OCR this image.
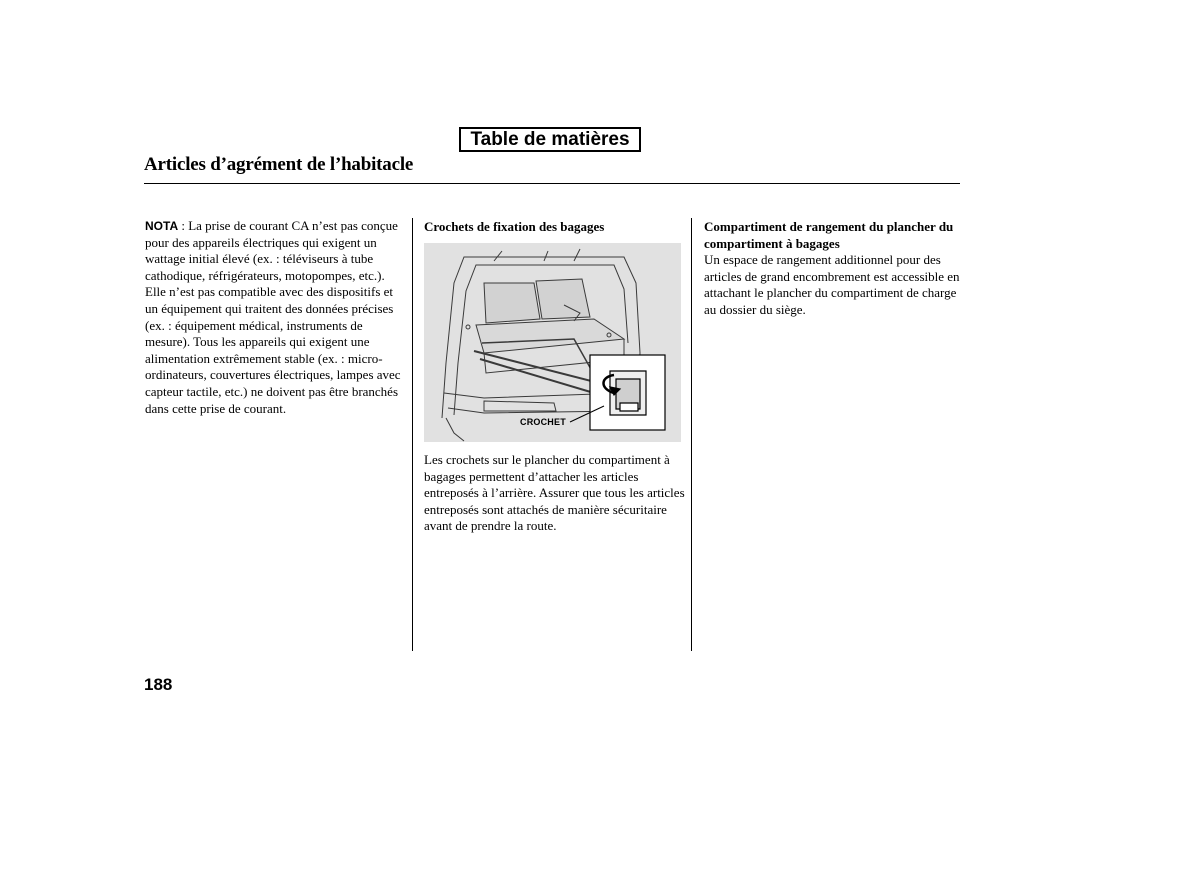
Table de matières
Articles d’agrément de l’habitacle

NOTA : La prise de courant CA n’est pas conçue pour des appareils électriques qui exigent un wattage initial élevé (ex. : téléviseurs à tube cathodique, réfrigérateurs, motopompes, etc.). Elle n’est pas compatible avec des dispositifs et un équipement qui traitent des données précises (ex. : équipement médical, instruments de mesure). Tous les appareils qui exigent une alimentation extrêmement stable (ex. : micro-ordinateurs, couvertures électriques, lampes avec capteur tactile, etc.) ne doivent pas être branchés dans cette prise de courant.

Crochets de fixation des bagages

CROCHET

Les crochets sur le plancher du compartiment à bagages permettent d’attacher les articles entreposés à l’arrière. Assurer que tous les articles entreposés sont attachés de manière sécuritaire avant de prendre la route.

Compartiment de rangement du plancher du compartiment à bagages

Un espace de rangement additionnel pour des articles de grand encombrement est accessible en attachant le plancher du compartiment de charge au dossier du siège.

188
